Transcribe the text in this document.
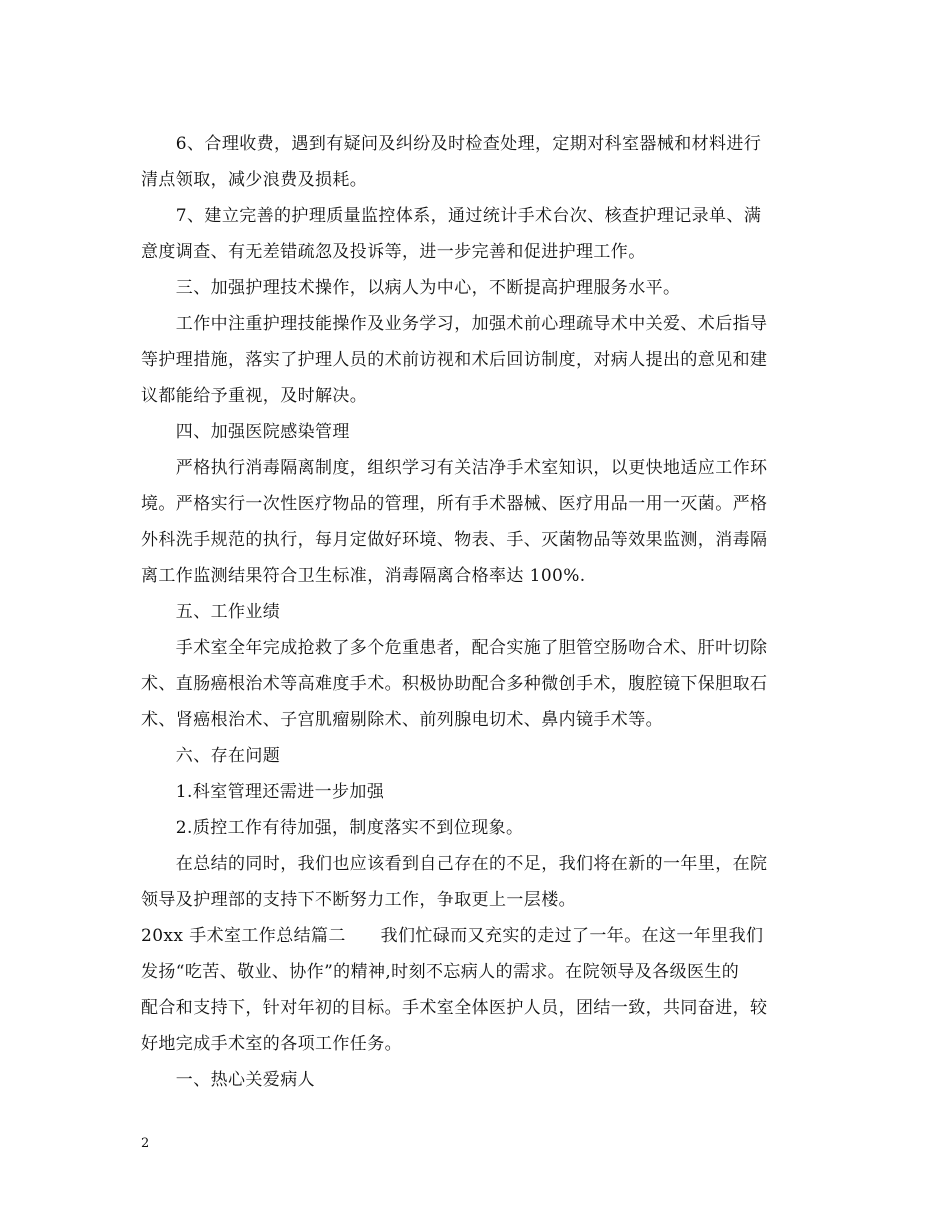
　　6、合理收费，遇到有疑问及纠纷及时检查处理，定期对科室器械和材料进行
清点领取，减少浪费及损耗。
　　7、建立完善的护理质量监控体系，通过统计手术台次、核查护理记录单、满
意度调查、有无差错疏忽及投诉等，进一步完善和促进护理工作。
　　三、加强护理技术操作，以病人为中心，不断提高护理服务水平。
　　工作中注重护理技能操作及业务学习，加强术前心理疏导术中关爱、术后指导
等护理措施，落实了护理人员的术前访视和术后回访制度，对病人提出的意见和建
议都能给予重视，及时解决。
　　四、加强医院感染管理
　　严格执行消毒隔离制度，组织学习有关洁净手术室知识，以更快地适应工作环
境。严格实行一次性医疗物品的管理，所有手术器械、医疗用品一用一灭菌。严格
外科洗手规范的执行，每月定做好环境、物表、手、灭菌物品等效果监测，消毒隔
离工作监测结果符合卫生标准，消毒隔离合格率达 100%.
　　五、工作业绩
　　手术室全年完成抢救了多个危重患者，配合实施了胆管空肠吻合术、肝叶切除
术、直肠癌根治术等高难度手术。积极协助配合多种微创手术，腹腔镜下保胆取石
术、肾癌根治术、子宫肌瘤剔除术、前列腺电切术、鼻内镜手术等。
　　六、存在问题
　　1.科室管理还需进一步加强
　　2.质控工作有待加强，制度落实不到位现象。
　　在总结的同时，我们也应该看到自己存在的不足，我们将在新的一年里，在院
领导及护理部的支持下不断努力工作，争取更上一层楼。
20xx 手术室工作总结篇二　　我们忙碌而又充实的走过了一年。在这一年里我们
发扬“吃苦、敬业、协作”的精神,时刻不忘病人的需求。在院领导及各级医生的
配合和支持下，针对年初的目标。手术室全体医护人员，团结一致，共同奋进，较
好地完成手术室的各项工作任务。
　　一、热心关爱病人
2
